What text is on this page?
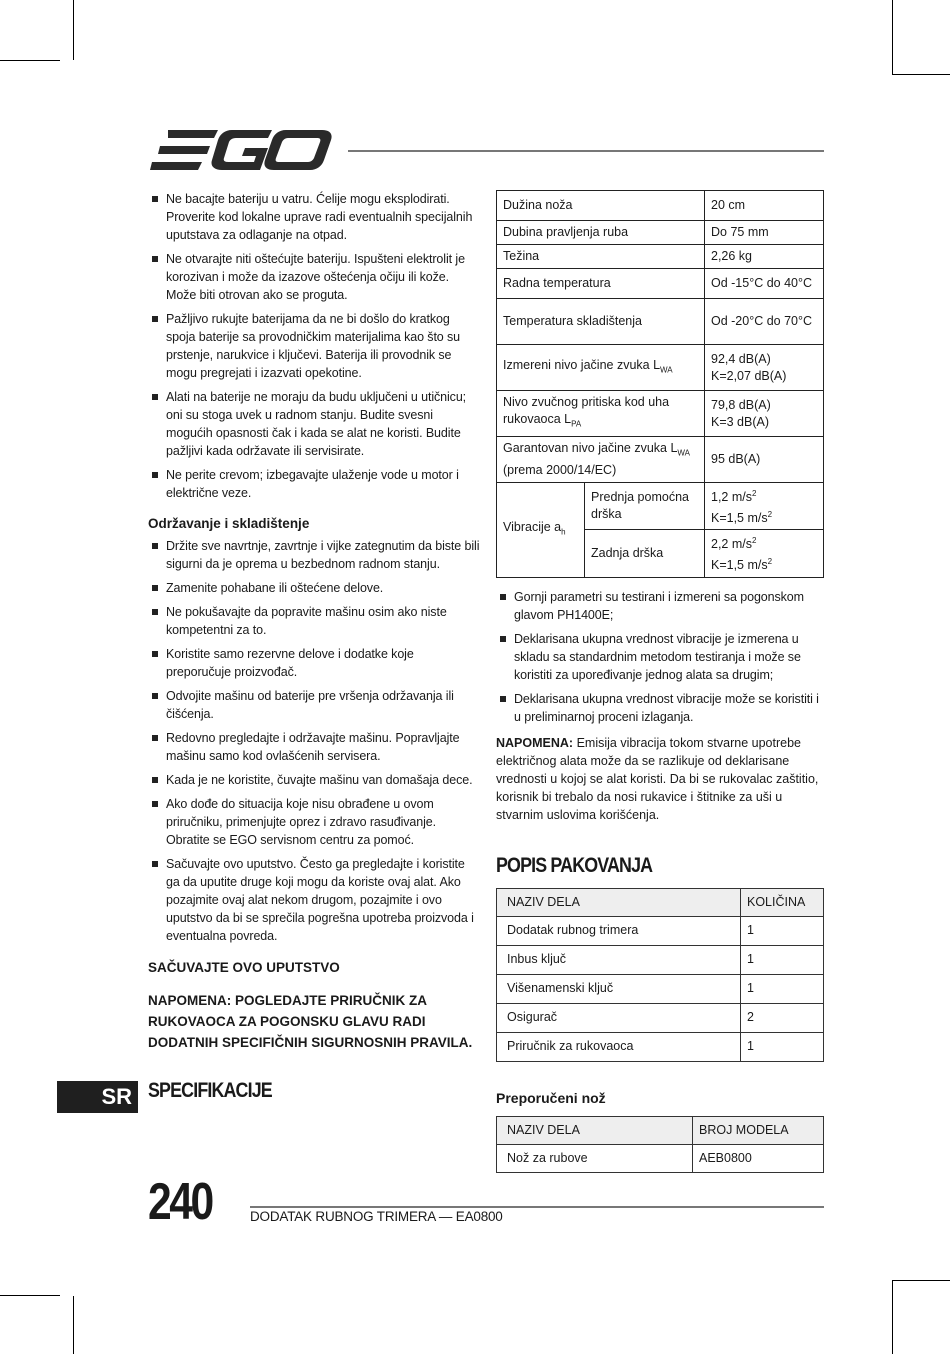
Ne bacajte bateriju u vatru. Ćelije mogu eksplodirati. Proverite kod lokalne uprave radi eventualnih specijalnih uputstava za odlaganje na otpad.
Ne otvarajte niti oštećujte bateriju. Ispušteni elektrolit je korozivan i može da izazove oštećenja očiju ili kože. Može biti otrovan ako se proguta.
Pažljivo rukujte baterijama da ne bi došlo do kratkog spoja baterije sa provodničkim materijalima kao što su prstenje, narukvice i ključevi. Baterija ili provodnik se mogu pregrejati i izazvati opekotine.
Alati na baterije ne moraju da budu uključeni u utičnicu; oni su stoga uvek u radnom stanju. Budite svesni mogućih opasnosti čak i kada se alat ne koristi. Budite pažljivi kada održavate ili servisirate.
Ne perite crevom; izbegavajte ulaženje vode u motor i električne veze.
Održavanje i skladištenje
Držite sve navrtnje, zavrtnje i vijke zategnutim da biste bili sigurni da je oprema u bezbednom radnom stanju.
Zamenite pohabane ili oštećene delove.
Ne pokušavajte da popravite mašinu osim ako niste kompetentni za to.
Koristite samo rezervne delove i dodatke koje preporučuje proizvođač.
Odvojite mašinu od baterije pre vršenja održavanja ili čišćenja.
Redovno pregledajte i održavajte mašinu. Popravljajte mašinu samo kod ovlašćenih servisera.
Kada je ne koristite, čuvajte mašinu van domašaja dece.
Ako dođe do situacija koje nisu obrađene u ovom priručniku, primenjujte oprez i zdravo rasuđivanje. Obratite se EGO servisnom centru za pomoć.
Sačuvajte ovo uputstvo. Često ga pregledajte i koristite ga da uputite druge koji mogu da koriste ovaj alat. Ako pozajmite ovaj alat nekom drugom, pozajmite i ovo uputstvo da bi se sprečila pogrešna upotreba proizvoda i eventualna povreda.

SAČUVAJTE OVO UPUTSTVO

NAPOMENA: POGLEDAJTE PRIRUČNIK ZA RUKOVAOCA ZA POGONSKU GLAVU RADI DODATNIH SPECIFIČNIH SIGURNOSNIH PRAVILA.

SPECIFIKACIJE
Dužina noža		20 cm
Dubina pravljenja ruba		Do 75 mm
Težina		2,26 kg
Radna temperatura		Od -15°C do 40°C
Temperatura skladištenja		Od -20°C do 70°C
Izmereni nivo jačine zvuka $L_{WA}$		92,4 dB(A)
K=2,07 dB(A)

Nivo zvučnog pritiska kod uha rukovaoca $L_{PA}$		79,8 dB(A)
K=3 dB(A)

Garantovan nivo jačine zvuka $L_{WA}$
(prema 2000/14/EC)		95 dB(A)
Vibracije $a_h$	Prednja pomoćna drška	1,2 $m/s^2$
K=1,5 $m/s^2$

	Zadnja drška	2,2 $m/s^2$
K=1,5 $m/s^2$
Gornji parametri su testirani i izmereni sa pogonskom glavom PH1400E;
Deklarisana ukupna vrednost vibracije je izmerena u skladu sa standardnim metodom testiranja i može se koristiti za upoređivanje jednog alata sa drugim;
Deklarisana ukupna vrednost vibracije može se koristiti i u preliminarnoj proceni izlaganja.

NAPOMENA: Emisija vibracija tokom stvarne upotrebe električnog alata može da se razlikuje od deklarisane vrednosti u kojoj se alat koristi. Da bi se rukovalac zaštitio, korisnik bi trebalo da nosi rukavice i štitnike za uši u stvarnim uslovima korišćenja.

POPIS PAKOVANJA
NAZIV DELA	KOLIČINA
Dodatak rubnog trimera	1
Inbus ključ	1
Višenamenski ključ	1
Osigurač	2
Priručnik za rukovaoca	1
Preporučeni nož
NAZIV DELA	BROJ MODELA
Nož za rubove	AEB0800
SR
240	DODATAK RUBNOG TRIMERA — EA0800
